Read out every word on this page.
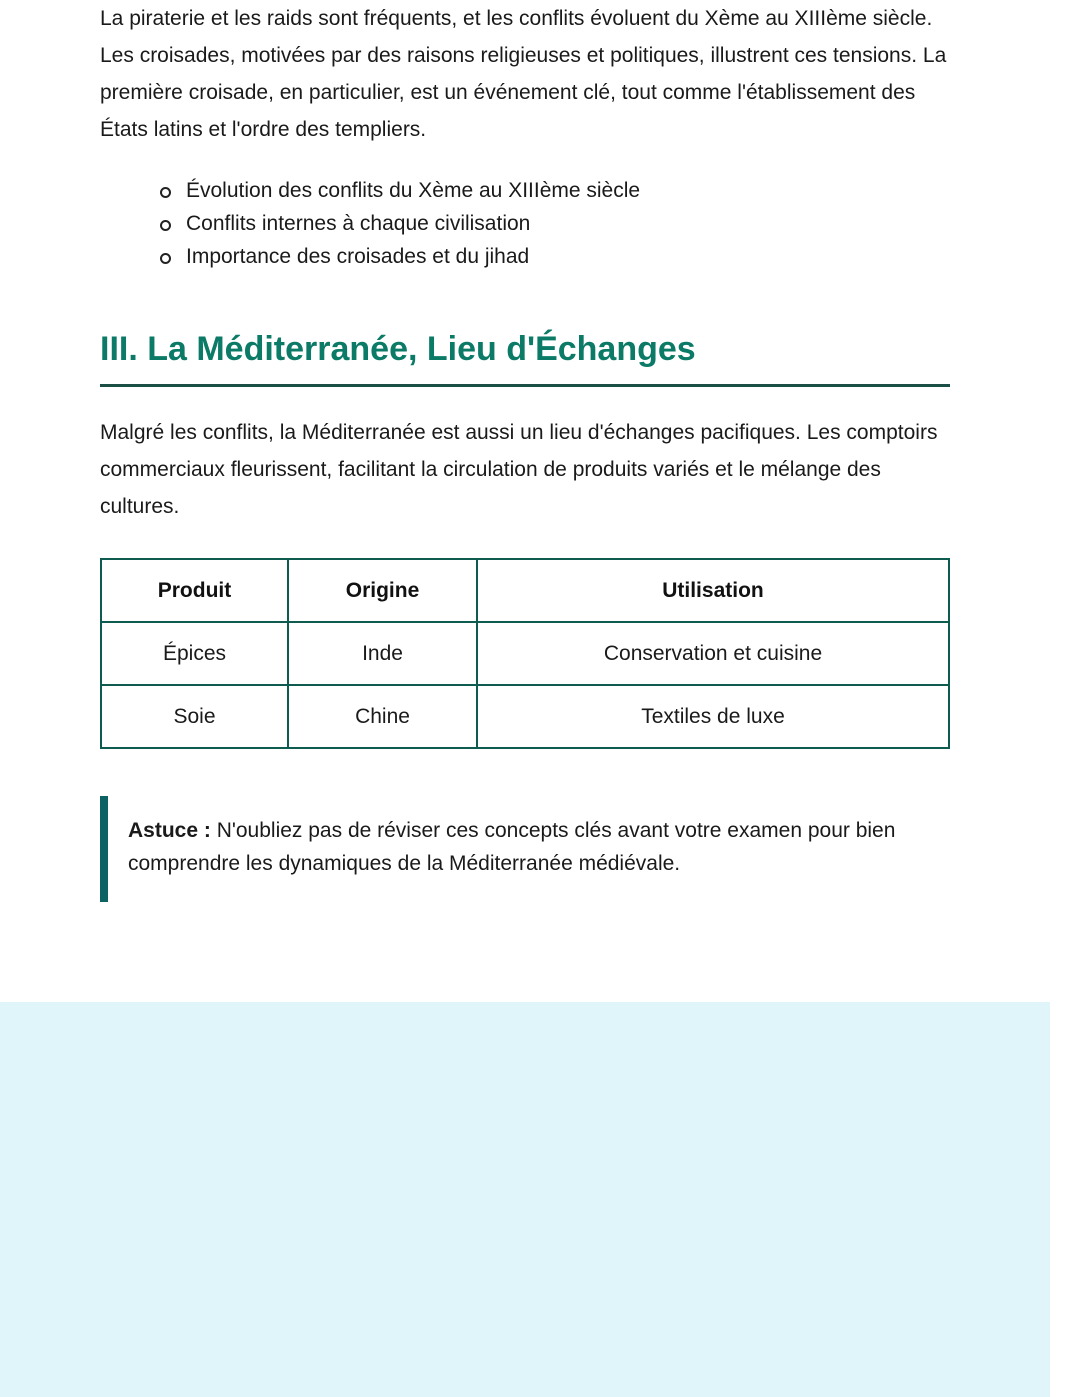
La piraterie et les raids sont fréquents, et les conflits évoluent du Xème au XIIIème siècle. Les croisades, motivées par des raisons religieuses et politiques, illustrent ces tensions. La première croisade, en particulier, est un événement clé, tout comme l'établissement des États latins et l'ordre des templiers.

Évolution des conflits du Xème au XIIIème siècle
Conflits internes à chaque civilisation
Importance des croisades et du jihad
III. La Méditerranée, Lieu d'Échanges

Malgré les conflits, la Méditerranée est aussi un lieu d'échanges pacifiques. Les comptoirs commerciaux fleurissent, facilitant la circulation de produits variés et le mélange des cultures.

Produit	Origine	Utilisation
Épices	Inde	Conservation et cuisine
Soie	Chine	Textiles de luxe

Astuce : N'oubliez pas de réviser ces concepts clés avant votre examen pour bien comprendre les dynamiques de la Méditerranée médiévale.
